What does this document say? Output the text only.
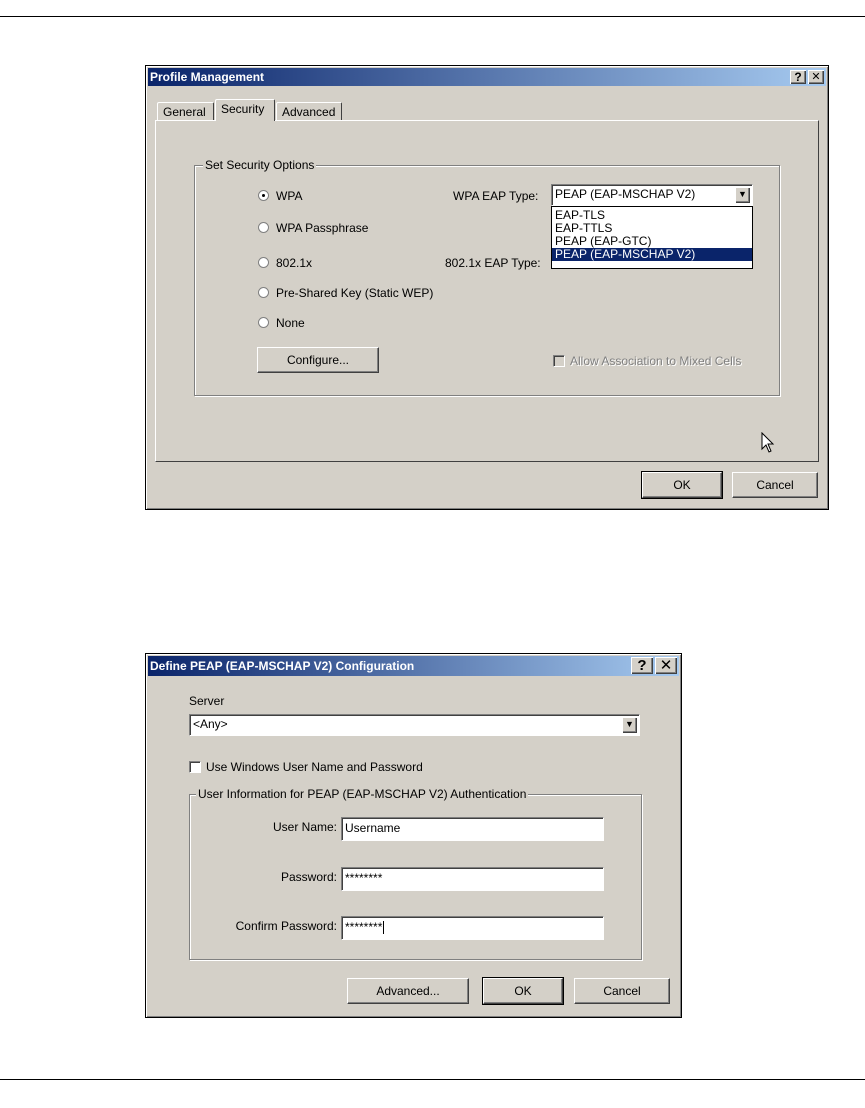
Profile Management	? ✕
General	Security	Advanced
Set Security Options
WPA
WPA Passphrase
802.1x
Pre-Shared Key (Static WEP)
None
WPA EAP Type:
802.1x EAP Type:
Configure...	Allow Association to Mixed Cells
PEAP (EAP-MSCHAP V2)	▼
EAP-TLS
EAP-TTLS
PEAP (EAP-GTC)
PEAP (EAP-MSCHAP V2)
OK	Cancel
Define PEAP (EAP-MSCHAP V2) Configuration	? ✕
Server
<Any>	▼
Use Windows User Name and Password
User Information for PEAP (EAP-MSCHAP V2) Authentication
User Name: Username
Password: ********
Confirm Password: ********
Advanced...	OK	Cancel
